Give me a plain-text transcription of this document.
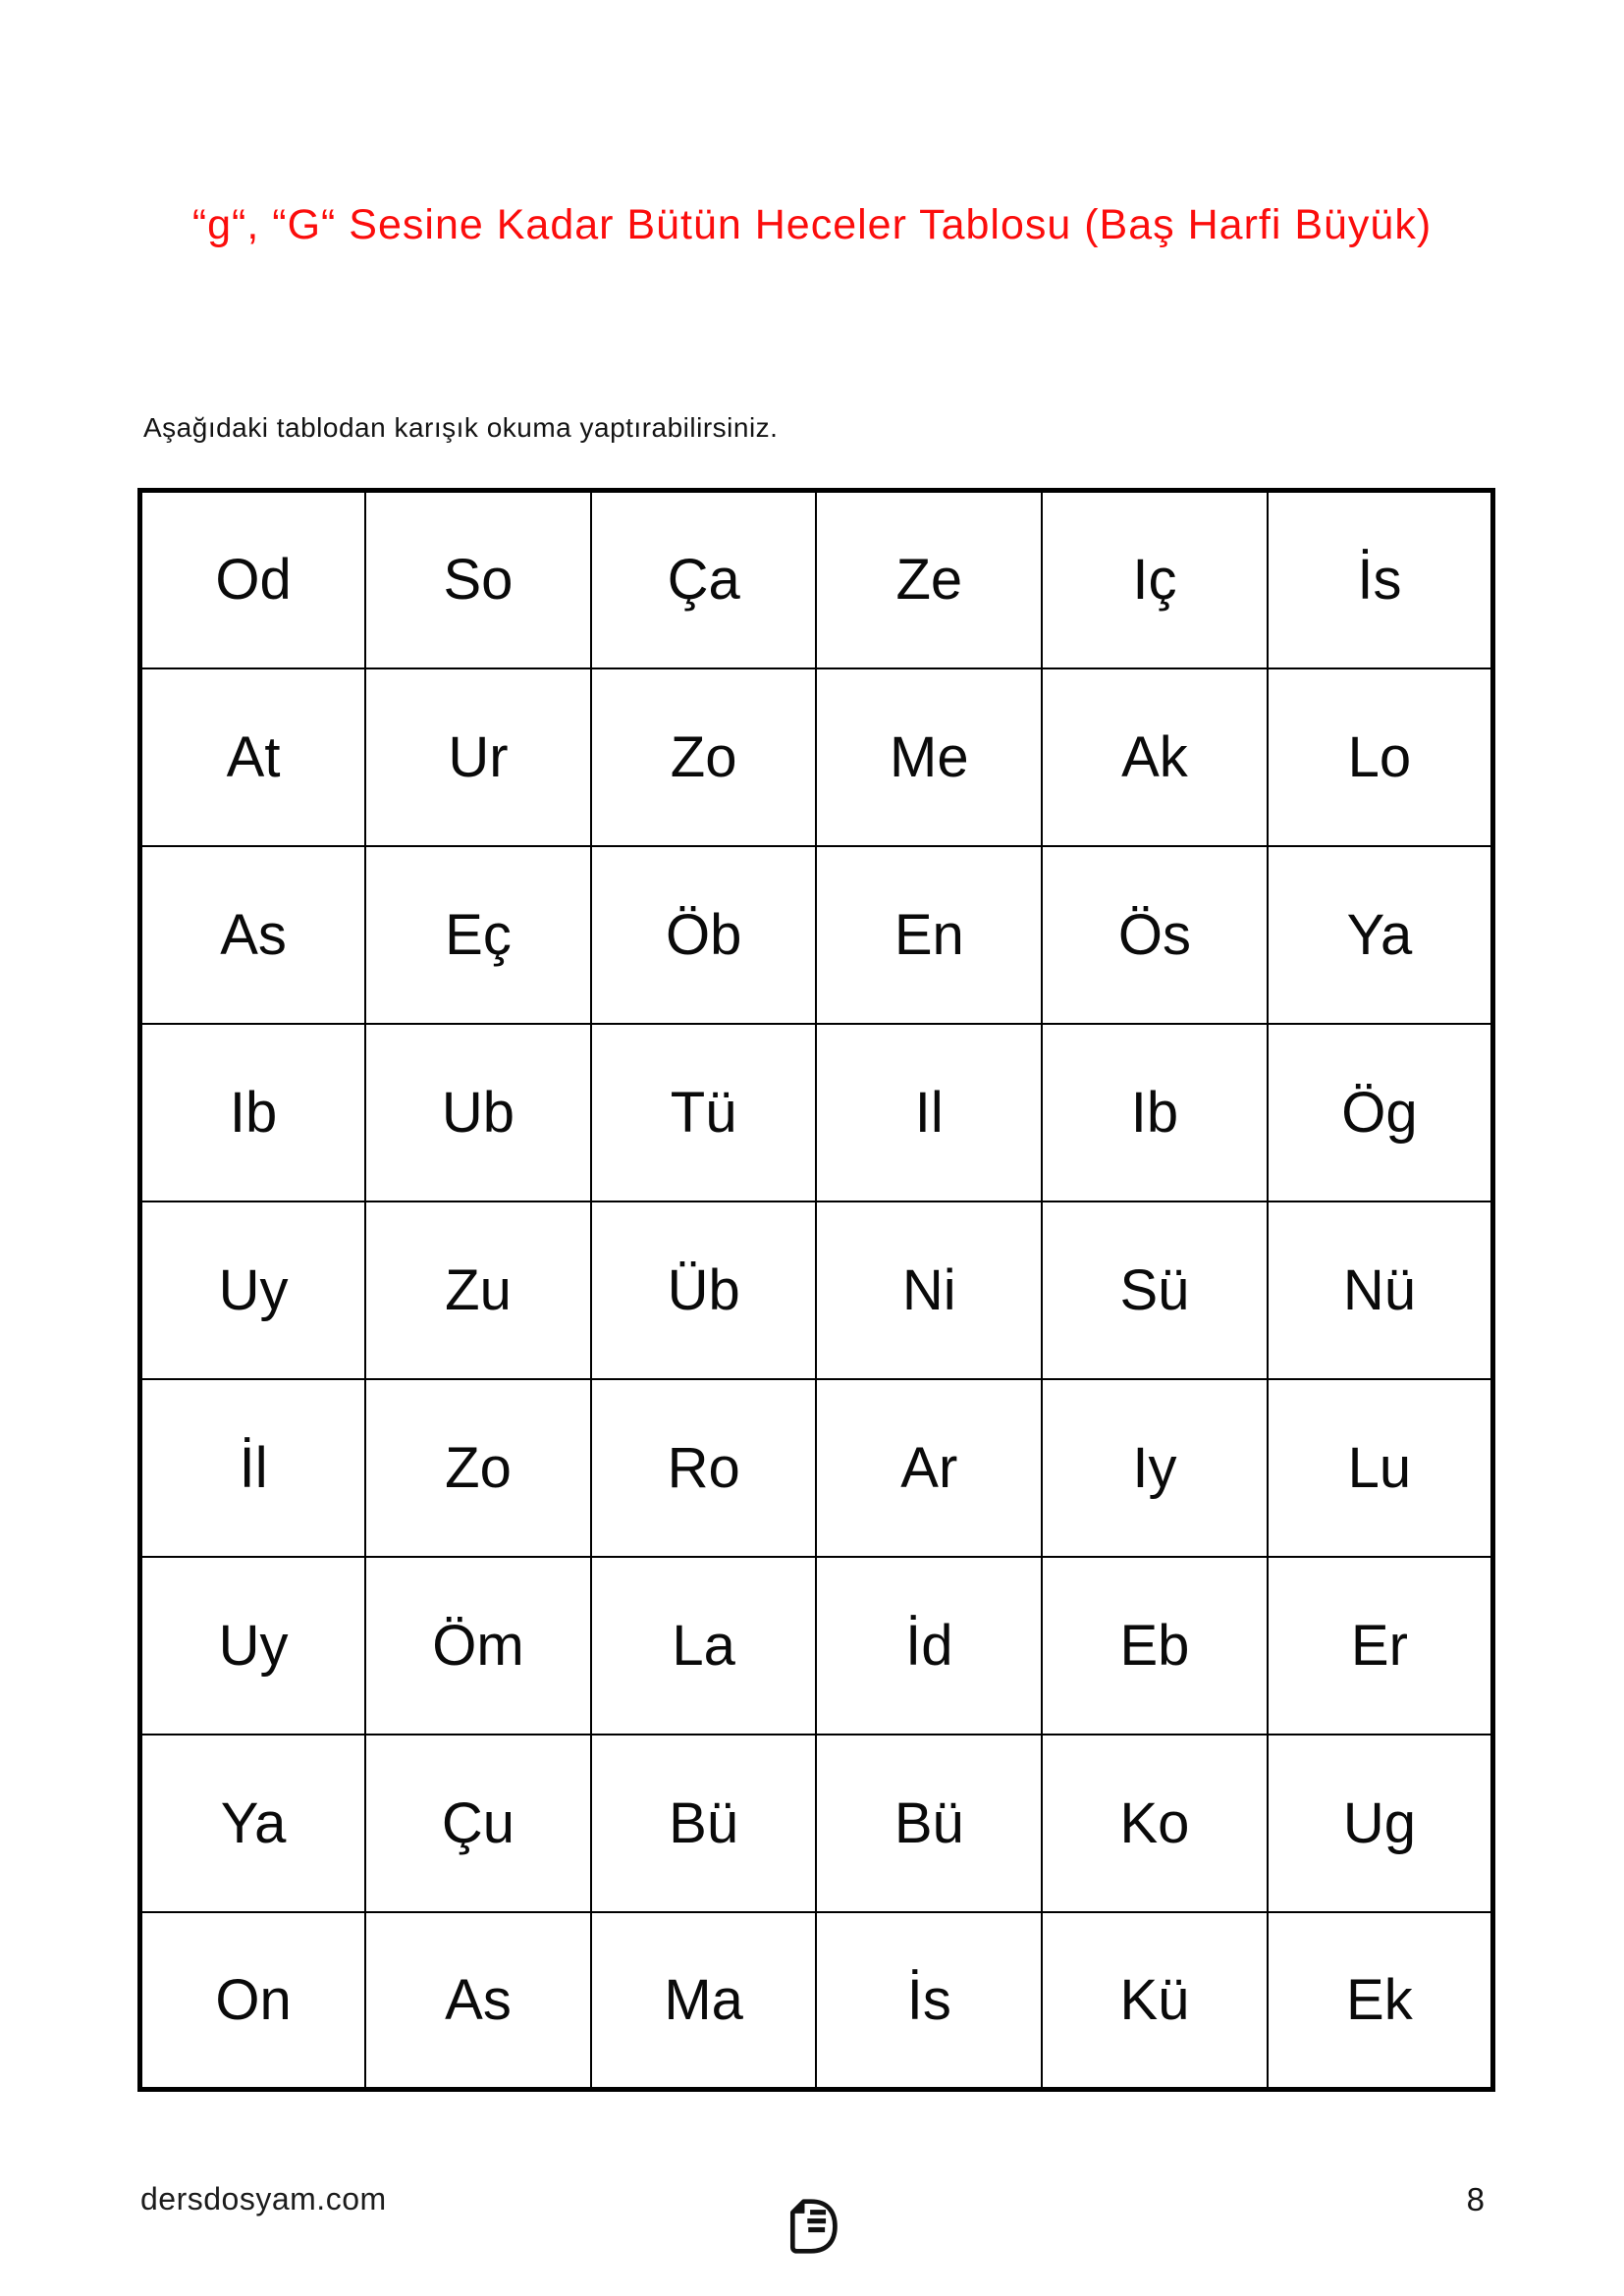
“g“, “G“ Sesine Kadar Bütün Heceler Tablosu (Baş Harfi Büyük)

Aşağıdaki tablodan karışık okuma yaptırabilirsiniz.

Od	So	Ça	Ze	Iç	İs
At	Ur	Zo	Me	Ak	Lo
As	Eç	Öb	En	Ös	Ya
Ib	Ub	Tü	Il	Ib	Ög
Uy	Zu	Üb	Ni	Sü	Nü
İl	Zo	Ro	Ar	Iy	Lu
Uy	Öm	La	İd	Eb	Er
Ya	Çu	Bü	Bü	Ko	Ug
On	As	Ma	İs	Kü	Ek
dersdosyam.com	8
